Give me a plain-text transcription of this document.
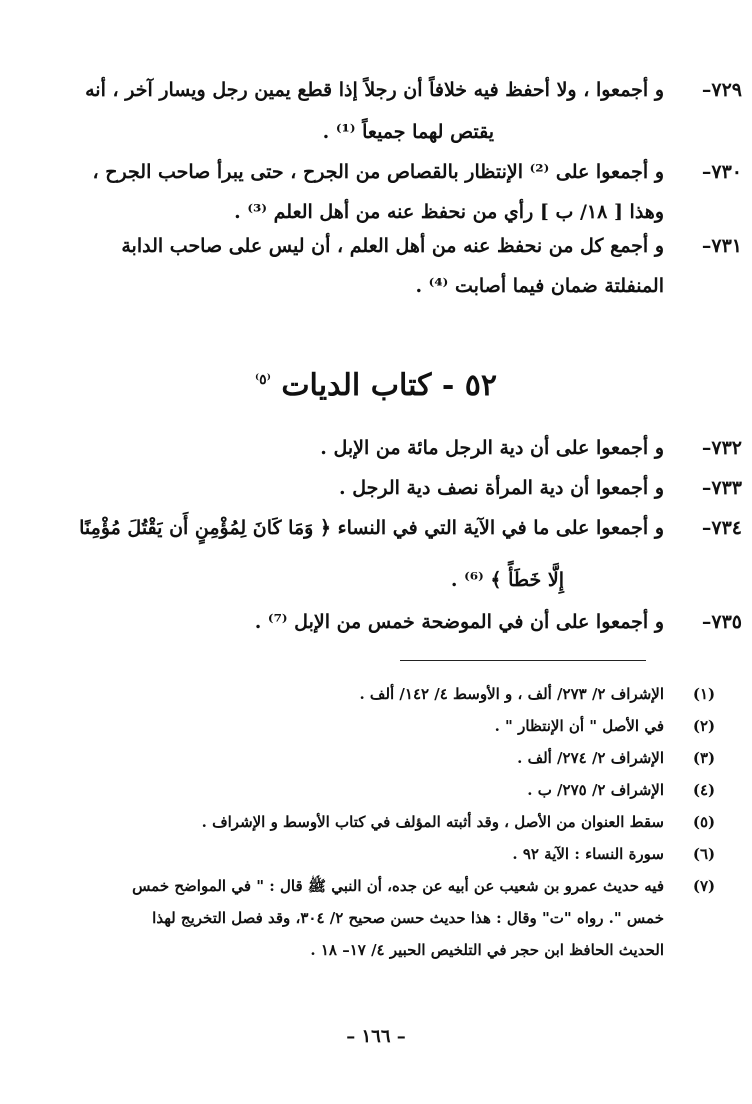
٧٢٩–
و أجمعوا ، ولا أحفظ فيه خلافاً أن رجلاً إذا قطع يمين رجل ويسار آخر ، أنه
يقتص لهما جميعاً ⁽¹⁾ .
٧٣٠–
و أجمعوا على ⁽²⁾ الإنتظار بالقصاص من الجرح ، حتى يبرأ صاحب الجرح ،
وهذا [ ١٨/ ب ] رأي من نحفظ عنه من أهل العلم ⁽³⁾ .
٧٣١–
و أجمع كل من نحفظ عنه من أهل العلم ، أن ليس على صاحب الدابة
المنفلتة ضمان فيما أصابت ⁽⁴⁾ .
٥٢ - كتاب الديات $^{^(٥^)}$
٧٣٢–
و أجمعوا على أن دية الرجل مائة من الإبل .
٧٣٣–
و أجمعوا أن دية المرأة نصف دية الرجل .
٧٣٤–
و أجمعوا على ما في الآية التي في النساء ﴿ وَمَا كَانَ لِمُؤْمِنٍ أَن يَقْتُلَ مُؤْمِنًا
إِلَّا خَطَأً ﴾ ⁽⁶⁾ .
٧٣٥–
و أجمعوا على أن في الموضحة خمس من الإبل ⁽⁷⁾ .
(١)
الإشراف ٢/ ٢٧٣/ ألف ، و الأوسط ٤/ ١٤٢/ ألف .
(٢)
في الأصل " أن الإنتظار " .
(٣)
الإشراف ٢/ ٢٧٤/ ألف .
(٤)
الإشراف ٢/ ٢٧٥/ ب .
(٥)
سقط العنوان من الأصل ، وقد أثبته المؤلف في كتاب الأوسط و الإشراف .
(٦)
سورة النساء : الآية ٩٢ .
(٧)
فيه حديث عمرو بن شعيب عن أبيه عن جده، أن النبي ﷺ قال : " في المواضح خمس
خمس ". رواه "ت" وقال : هذا حديث حسن صحيح ٢/ ٣٠٤، وقد فصل التخريج لهذا
الحديث الحافظ ابن حجر في التلخيص الحبير ٤/ ١٧– ١٨ .
– ١٦٦ –
